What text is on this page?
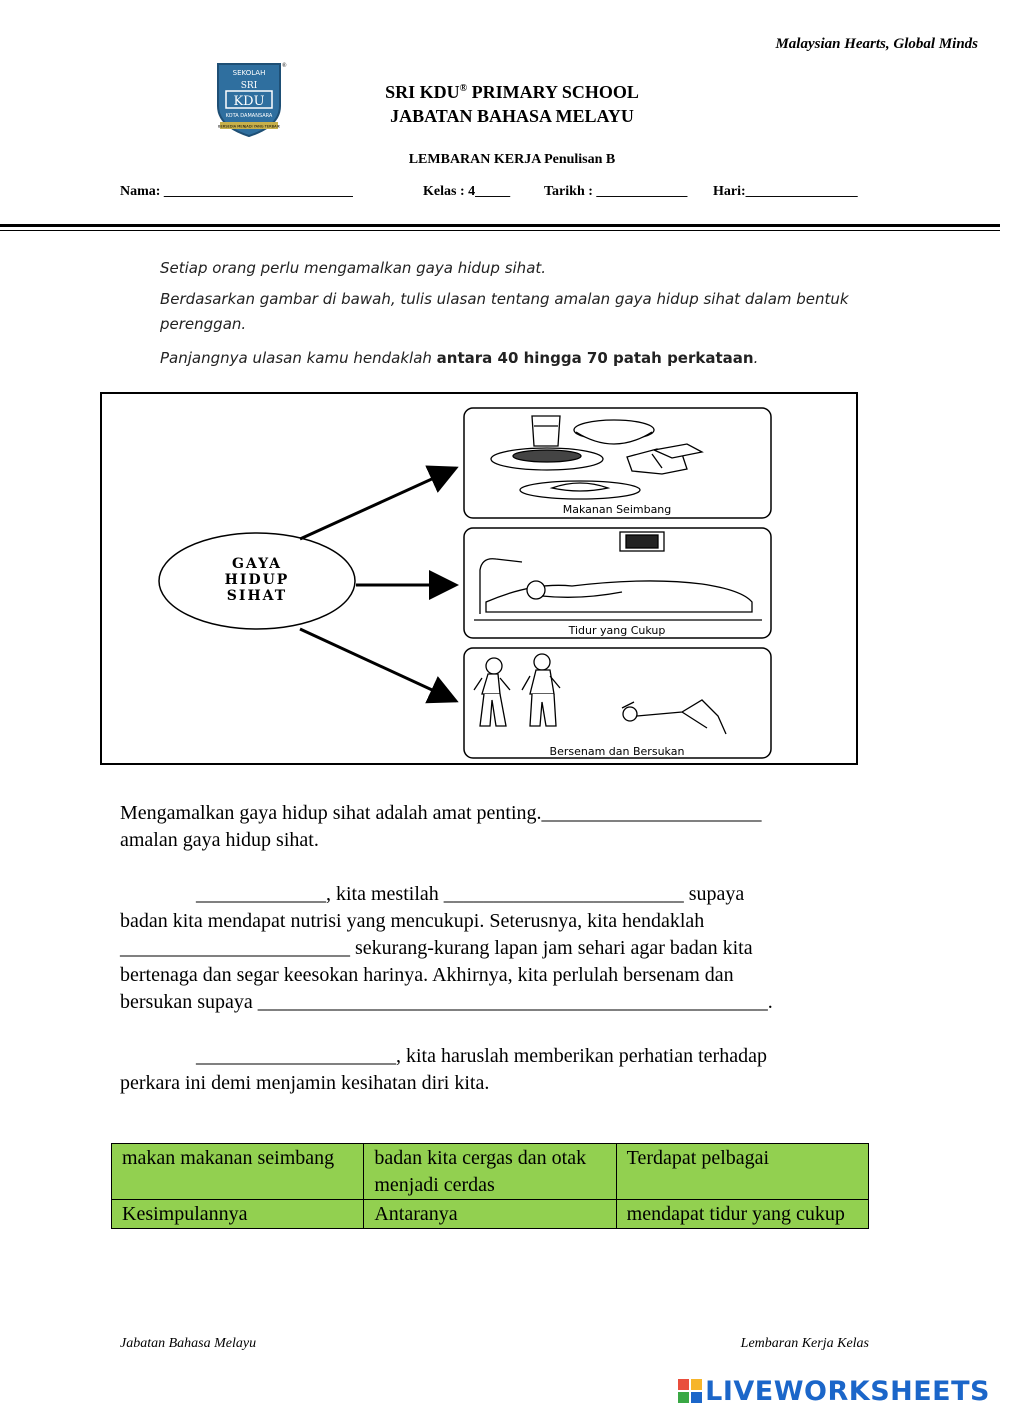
Malaysian Hearts, Global Minds
SEKOLAH
SRI
KDU
KOTA DAMANSARA
BERSEDIA MENJADI YANG TERBAIK
®
SRI KDU® PRIMARY SCHOOL
JABATAN BAHASA MELAYU
LEMBARAN KERJA Penulisan B
Nama: ___________________________	Kelas : 4_____ Tarikh : _____________ Hari:________________
Setiap orang perlu mengamalkan gaya hidup sihat.
Berdasarkan gambar di bawah, tulis ulasan tentang amalan gaya hidup sihat dalam bentuk perenggan.
Panjangnya ulasan kamu hendaklah antara 40 hingga 70 patah perkataan.
GAYA
HIDUP
SIHAT
Makanan Seimbang
Tidur yang Cukup
Bersenam dan Bersukan
Mengamalkan gaya hidup sihat adalah amat penting.______________________
amalan gaya hidup sihat.
_____________, kita mestilah ________________________ supaya
badan kita mendapat nutrisi yang mencukupi. Seterusnya, kita hendaklah
_______________________ sekurang-kurang lapan jam sehari agar badan kita
bertenaga dan segar keesokan harinya. Akhirnya, kita perlulah bersenam dan
bersukan supaya ___________________________________________________.
____________________, kita haruslah memberikan perhatian terhadap
perkara ini demi menjamin kesihatan diri kita.
makan makanan seimbang	badan kita cergas dan otak menjadi cerdas	Terdapat pelbagai
Kesimpulannya	Antaranya	mendapat tidur yang cukup
Jabatan Bahasa Melayu	Lembaran Kerja Kelas
LIVEWORKSHEETS
